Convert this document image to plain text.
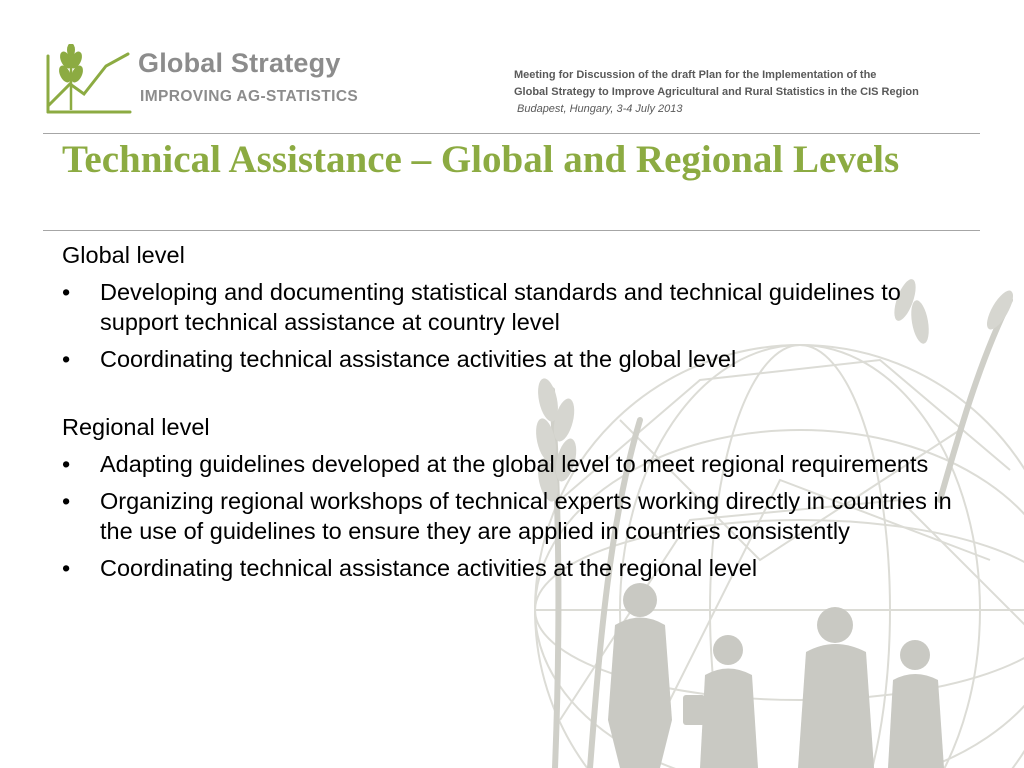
Global Strategy
IMPROVING AG-STATISTICS
Meeting for Discussion of the draft Plan for the Implementation of the
Global Strategy to Improve Agricultural and Rural Statistics in the CIS Region
Budapest, Hungary, 3-4 July 2013
Technical Assistance – Global and Regional Levels

Global level

• Developing and documenting statistical standards and technical guidelines to support technical assistance at country level
• Coordinating technical assistance activities at the global level

Regional level

• Adapting guidelines developed at the global level to meet regional requirements
• Organizing regional workshops of technical experts working directly in countries in the use of guidelines to ensure they are applied in countries consistently
• Coordinating technical assistance activities at the regional level
